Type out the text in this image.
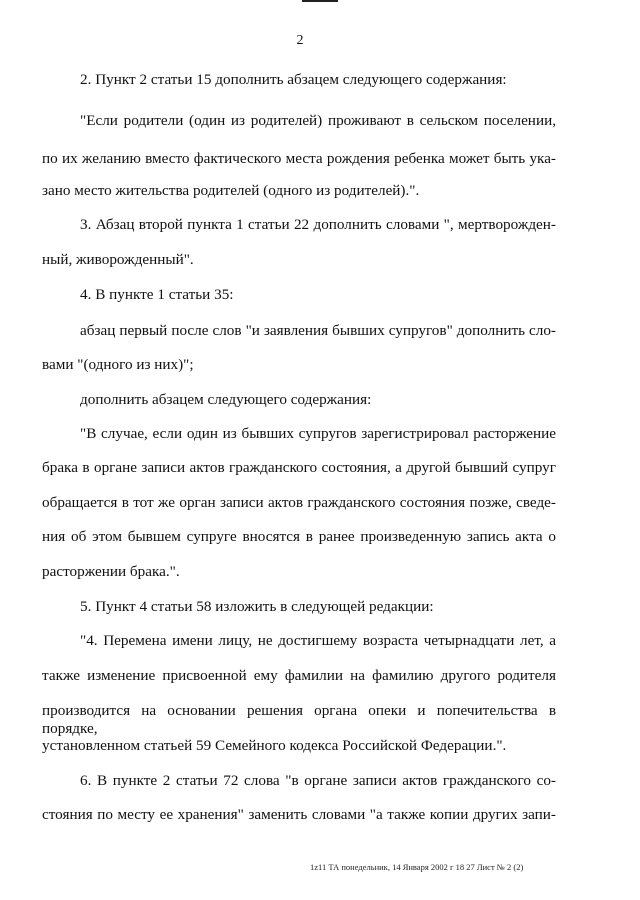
2
2. Пункт 2 статьи 15 дополнить абзацем следующего содержания:
"Если родители (один из родителей) проживают в сельском поселении,
по их желанию вместо фактического места рождения ребенка может быть ука-
зано место жительства родителей (одного из родителей).".
3. Абзац второй пункта 1 статьи 22 дополнить словами ", мертворожден-
ный, живорожденный".
4. В пункте 1 статьи 35:
абзац первый после слов "и заявления бывших супругов" дополнить сло-
вами "(одного из них)";
дополнить абзацем следующего содержания:
"В случае, если один из бывших супругов зарегистрировал расторжение
брака в органе записи актов гражданского состояния, а другой бывший супруг
обращается в тот же орган записи актов гражданского состояния позже, сведе-
ния об этом бывшем супруге вносятся в ранее произведенную запись акта о
расторжении брака.".
5. Пункт 4 статьи 58 изложить в следующей редакции:
"4. Перемена имени лицу, не достигшему возраста четырнадцати лет, а
также изменение присвоенной ему фамилии на фамилию другого родителя
производится на основании решения органа опеки и попечительства в порядке,
установленном статьей 59 Семейного кодекса Российской Федерации.".
6. В пункте 2 статьи 72 слова "в органе записи актов гражданского со-
стояния по месту ее хранения" заменить словами "а также копии других запи-
1z11 ТА понедельник, 14 Января 2002 г 18 27 Лист № 2 (2)
